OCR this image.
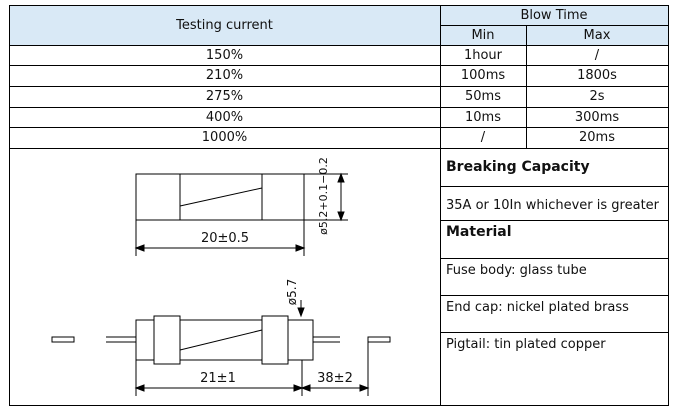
Testing current
Blow Time
Min	Max
150%	1hour	/
210%	100ms	1800s
275%	50ms	2s
400%	10ms	300ms
1000%	/	20ms
Breaking Capacity
35A or 10In whichever is greater
Material
Fuse body: glass tube
End cap: nickel plated brass
Pigtail: tin plated copper
20±0.5
ø5.2+0.1−0.2
ø5.7
21±1	38±2
